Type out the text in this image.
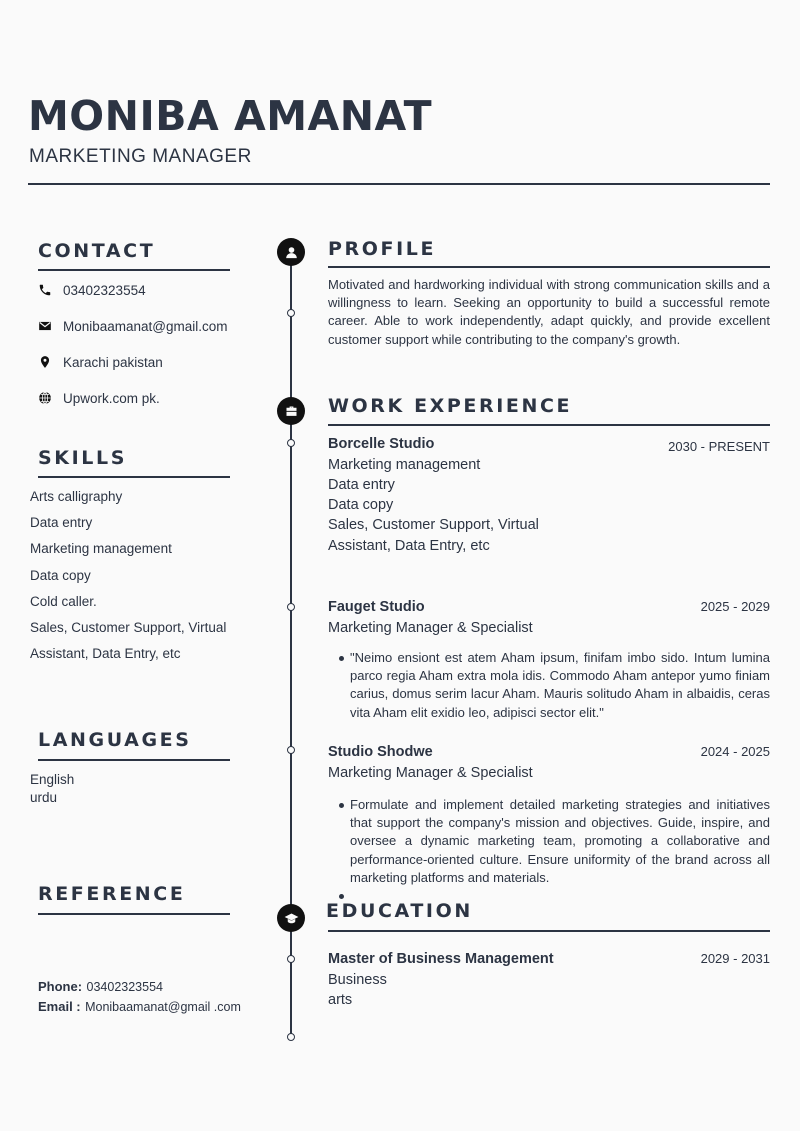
MONIBA AMANAT
MARKETING MANAGER
CONTACT
03402323554
Monibaamanat@gmail.com
Karachi pakistan
Upwork.com pk.
SKILLS
Arts calligraphy
Data entry
Marketing management
Data copy
Cold caller.
Sales, Customer Support, Virtual
Assistant, Data Entry, etc
LANGUAGES
English
urdu
REFERENCE
Phone: 03402323554
Email : Monibaamanat@gmail .com
PROFILE
Motivated and hardworking individual with strong communication skills and a willingness to learn. Seeking an opportunity to build a successful remote career. Able to work independently, adapt quickly, and provide excellent customer support while contributing to the company's growth.
WORK EXPERIENCE
Borcelle Studio	2030 - PRESENT
Marketing management
Data entry
Data copy
Sales, Customer Support, Virtual
Assistant, Data Entry, etc
Fauget Studio	2025 - 2029
Marketing Manager & Specialist
"Neimo ensiont est atem Aham ipsum, finifam imbo sido. Intum lumina parco regia Aham extra mola idis. Commodo Aham antepor yumo finiam carius, domus serim lacur Aham. Mauris solitudo Aham in albaidis, ceras vita Aham elit exidio leo, adipisci sector elit."
Studio Shodwe	2024 - 2025
Marketing Manager & Specialist
Formulate and implement detailed marketing strategies and initiatives that support the company's mission and objectives. Guide, inspire, and oversee a dynamic marketing team, promoting a collaborative and performance-oriented culture. Ensure uniformity of the brand across all marketing platforms and materials.
EDUCATION
Master of Business Management	2029 - 2031
Business
arts
